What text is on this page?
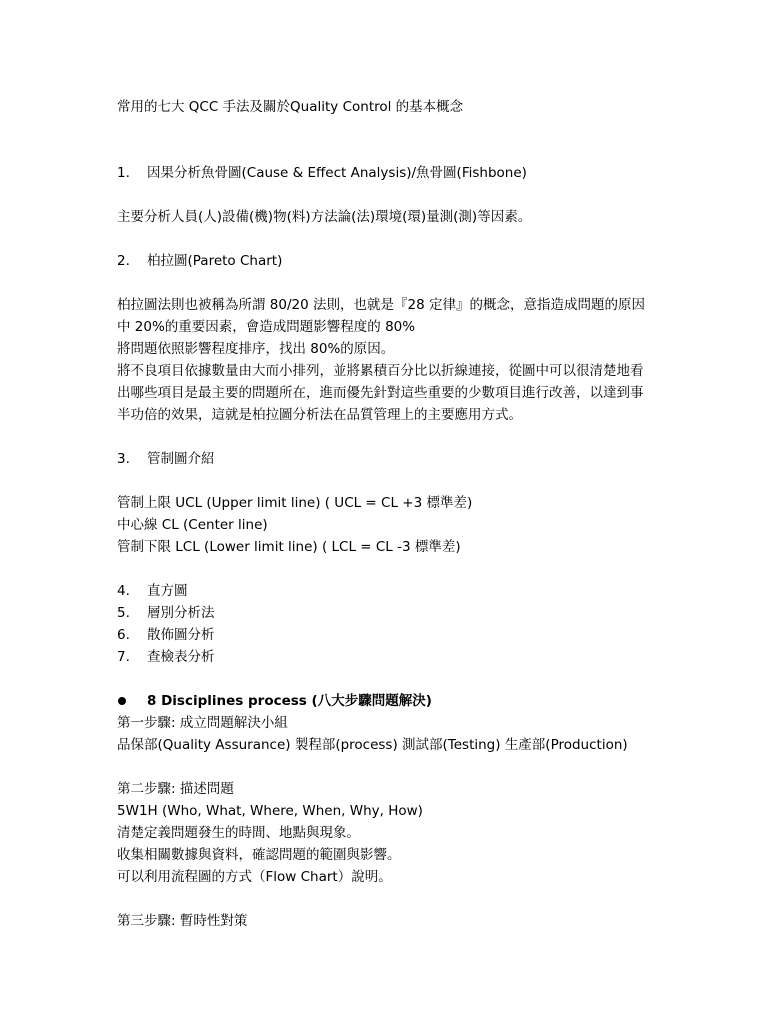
常用的七大 QCC 手法及關於Quality Control 的基本概念
1.	因果分析魚骨圖(Cause & Effect Analysis)/魚骨圖(Fishbone)
主要分析人員(人)設備(機)物(料)方法論(法)環境(環)量測(測)等因素。
2.	柏拉圖(Pareto Chart)
柏拉圖法則也被稱為所謂 80/20 法則，也就是『28 定律』的概念，意指造成問題的原因中 20%的重要因素，會造成問題影響程度的 80%
將問題依照影響程度排序，找出 80%的原因。
將不良項目依據數量由大而小排列，並將累積百分比以折線連接，從圖中可以很清楚地看出哪些項目是最主要的問題所在，進而優先針對這些重要的少數項目進行改善，以達到事半功倍的效果，這就是柏拉圖分析法在品質管理上的主要應用方式。
3.	管制圖介紹
管制上限 UCL (Upper limit line) ( UCL = CL +3 標準差)
中心線 CL (Center line)
管制下限 LCL (Lower limit line) ( LCL = CL -3 標準差)
4.	直方圖
5.	層別分析法
6.	散佈圖分析
7.	查檢表分析
8 Disciplines process (八大步驟問題解決)
第一步驟: 成立問題解決小組
品保部(Quality Assurance) 製程部(process) 測試部(Testing) 生產部(Production)
第二步驟: 描述問題
5W1H (Who, What, Where, When, Why, How)
清楚定義問題發生的時間、地點與現象。
收集相關數據與資料，確認問題的範圍與影響。
可以利用流程圖的方式（Flow Chart）說明。
第三步驟: 暫時性對策
